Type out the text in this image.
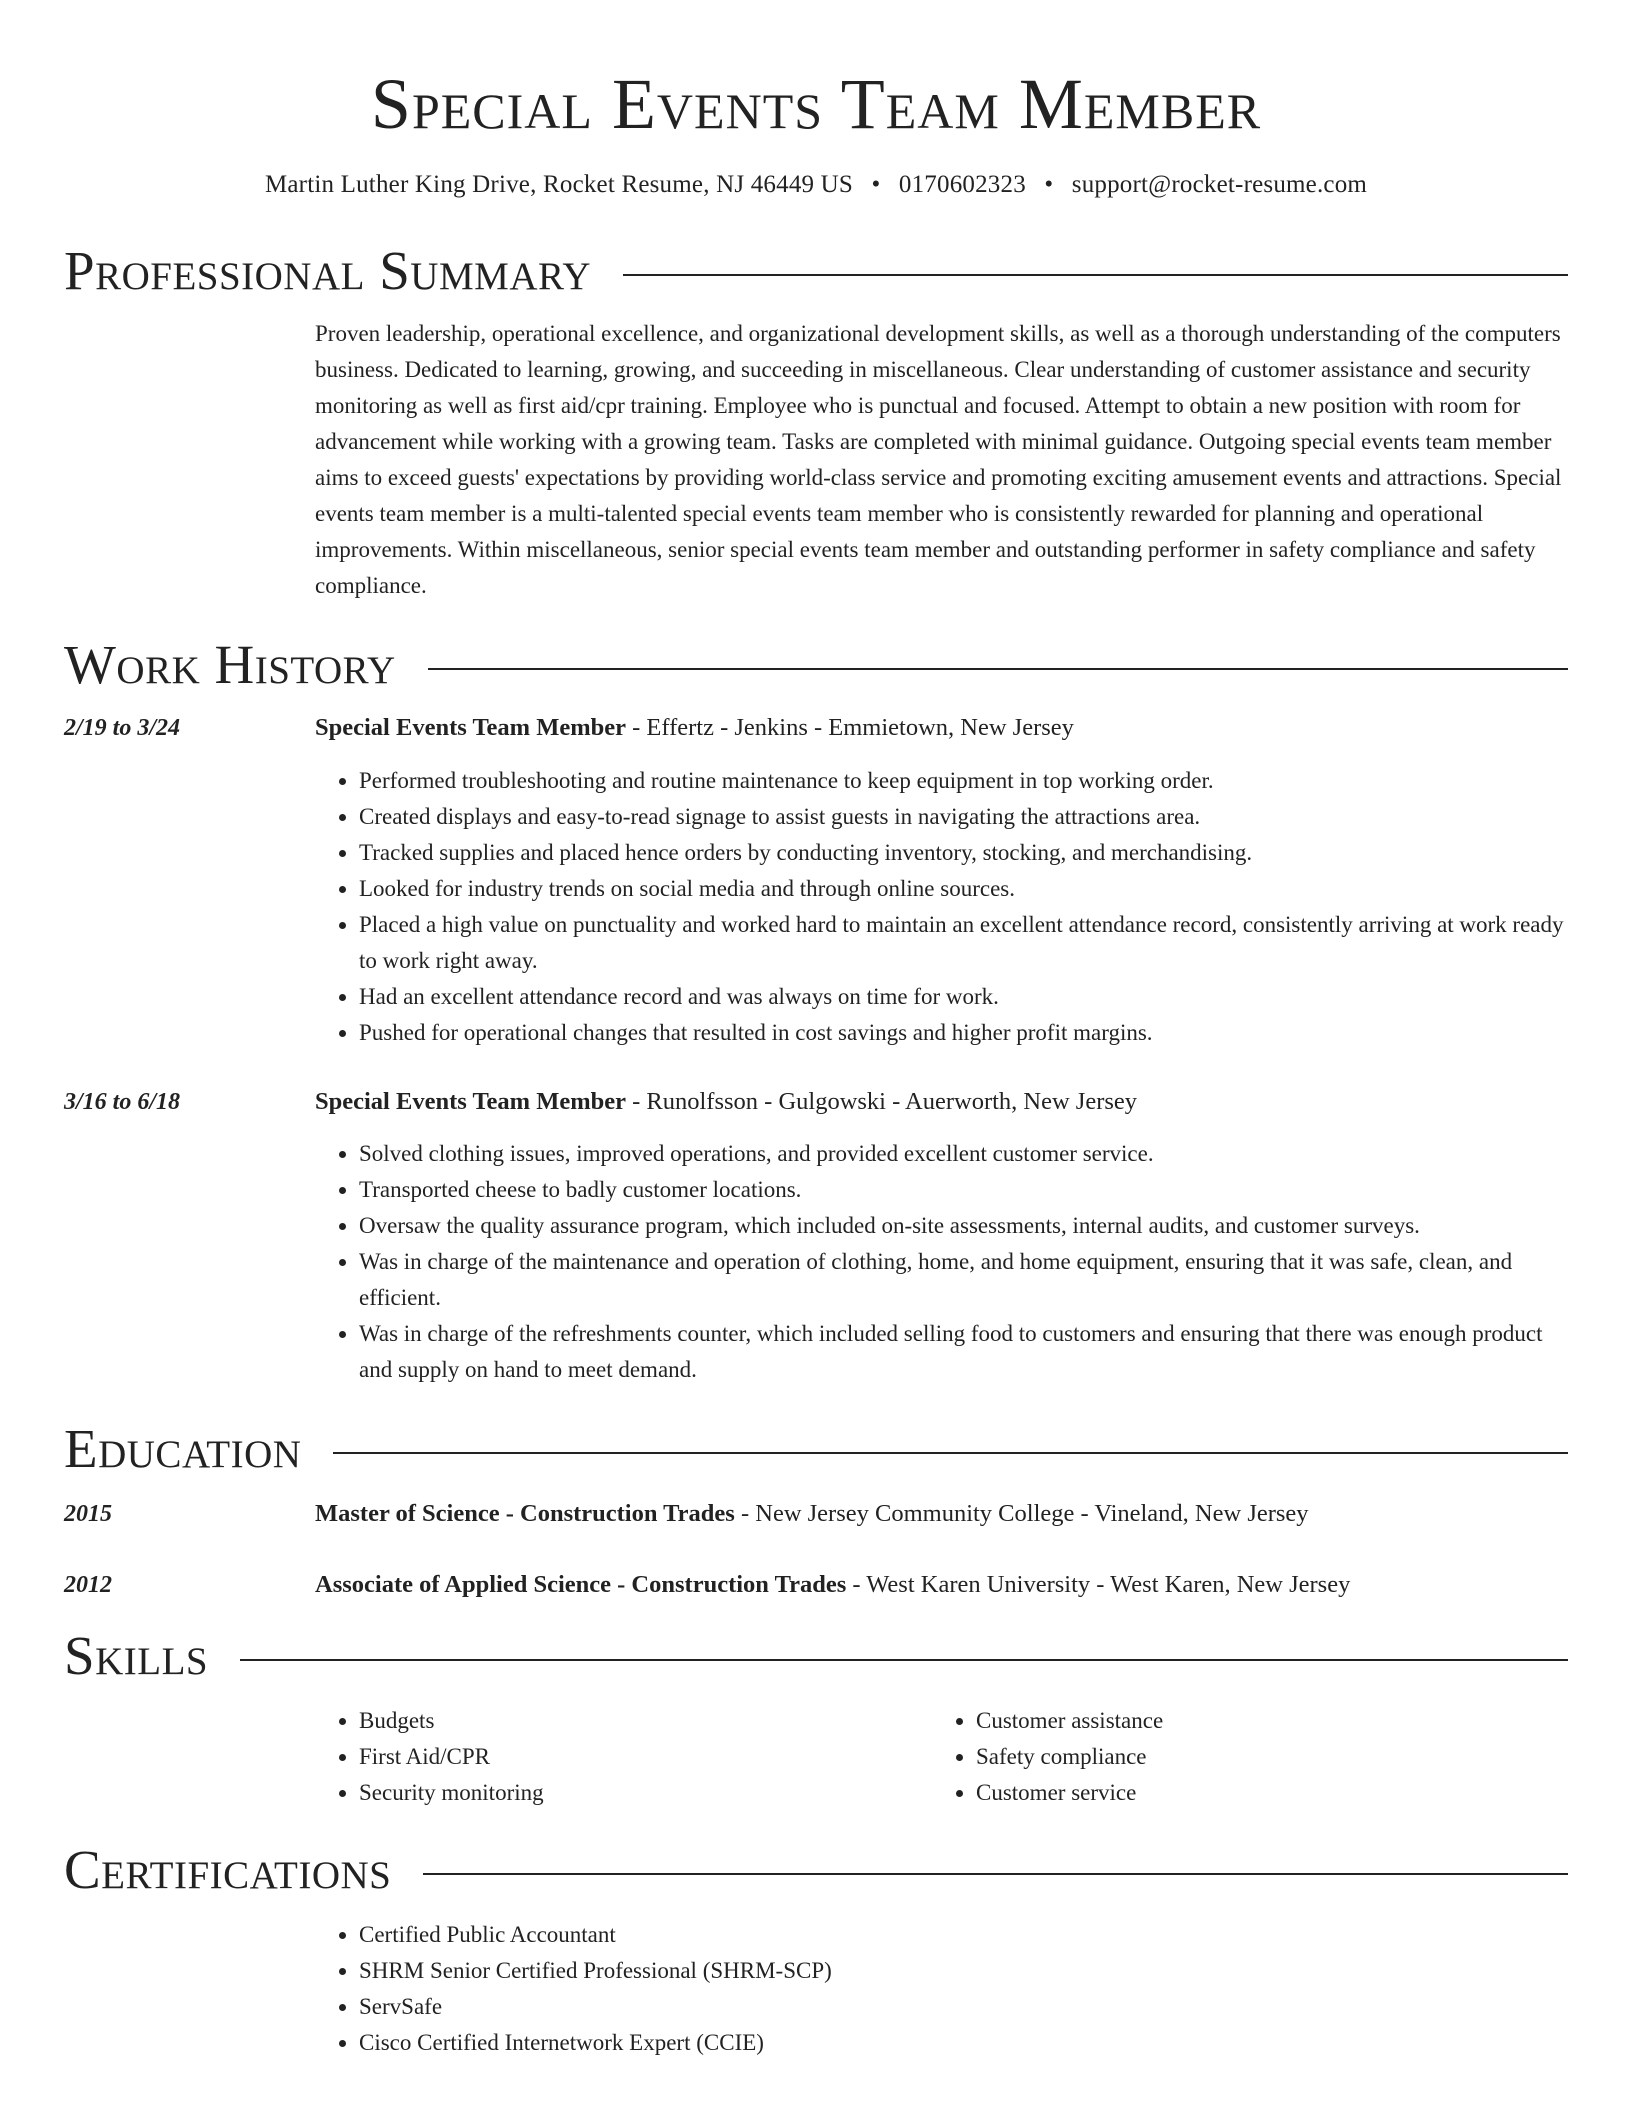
Special Events Team Member
Martin Luther King Drive, Rocket Resume, NJ 46449 US • 0170602323 • support@rocket-resume.com
Professional Summary
Proven leadership, operational excellence, and organizational development skills, as well as a thorough understanding of the computers business. Dedicated to learning, growing, and succeeding in miscellaneous. Clear understanding of customer assistance and security monitoring as well as first aid/cpr training. Employee who is punctual and focused. Attempt to obtain a new position with room for advancement while working with a growing team. Tasks are completed with minimal guidance. Outgoing special events team member aims to exceed guests' expectations by providing world-class service and promoting exciting amusement events and attractions. Special events team member is a multi-talented special events team member who is consistently rewarded for planning and operational improvements. Within miscellaneous, senior special events team member and outstanding performer in safety compliance and safety compliance.
Work History
2/19 to 3/24	Special Events Team Member - Effertz - Jenkins - Emmietown, New Jersey
• Performed troubleshooting and routine maintenance to keep equipment in top working order.
• Created displays and easy-to-read signage to assist guests in navigating the attractions area.
• Tracked supplies and placed hence orders by conducting inventory, stocking, and merchandising.
• Looked for industry trends on social media and through online sources.
• Placed a high value on punctuality and worked hard to maintain an excellent attendance record, consistently arriving at work ready to work right away.
• Had an excellent attendance record and was always on time for work.
• Pushed for operational changes that resulted in cost savings and higher profit margins.
3/16 to 6/18	Special Events Team Member - Runolfsson - Gulgowski - Auerworth, New Jersey
• Solved clothing issues, improved operations, and provided excellent customer service.
• Transported cheese to badly customer locations.
• Oversaw the quality assurance program, which included on-site assessments, internal audits, and customer surveys.
• Was in charge of the maintenance and operation of clothing, home, and home equipment, ensuring that it was safe, clean, and efficient.
• Was in charge of the refreshments counter, which included selling food to customers and ensuring that there was enough product and supply on hand to meet demand.
Education
2015	Master of Science - Construction Trades - New Jersey Community College - Vineland, New Jersey
2012	Associate of Applied Science - Construction Trades - West Karen University - West Karen, New Jersey
Skills
• Budgets
• First Aid/CPR
• Security monitoring
• Customer assistance
• Safety compliance
• Customer service
Certifications
• Certified Public Accountant
• SHRM Senior Certified Professional (SHRM-SCP)
• ServSafe
• Cisco Certified Internetwork Expert (CCIE)
